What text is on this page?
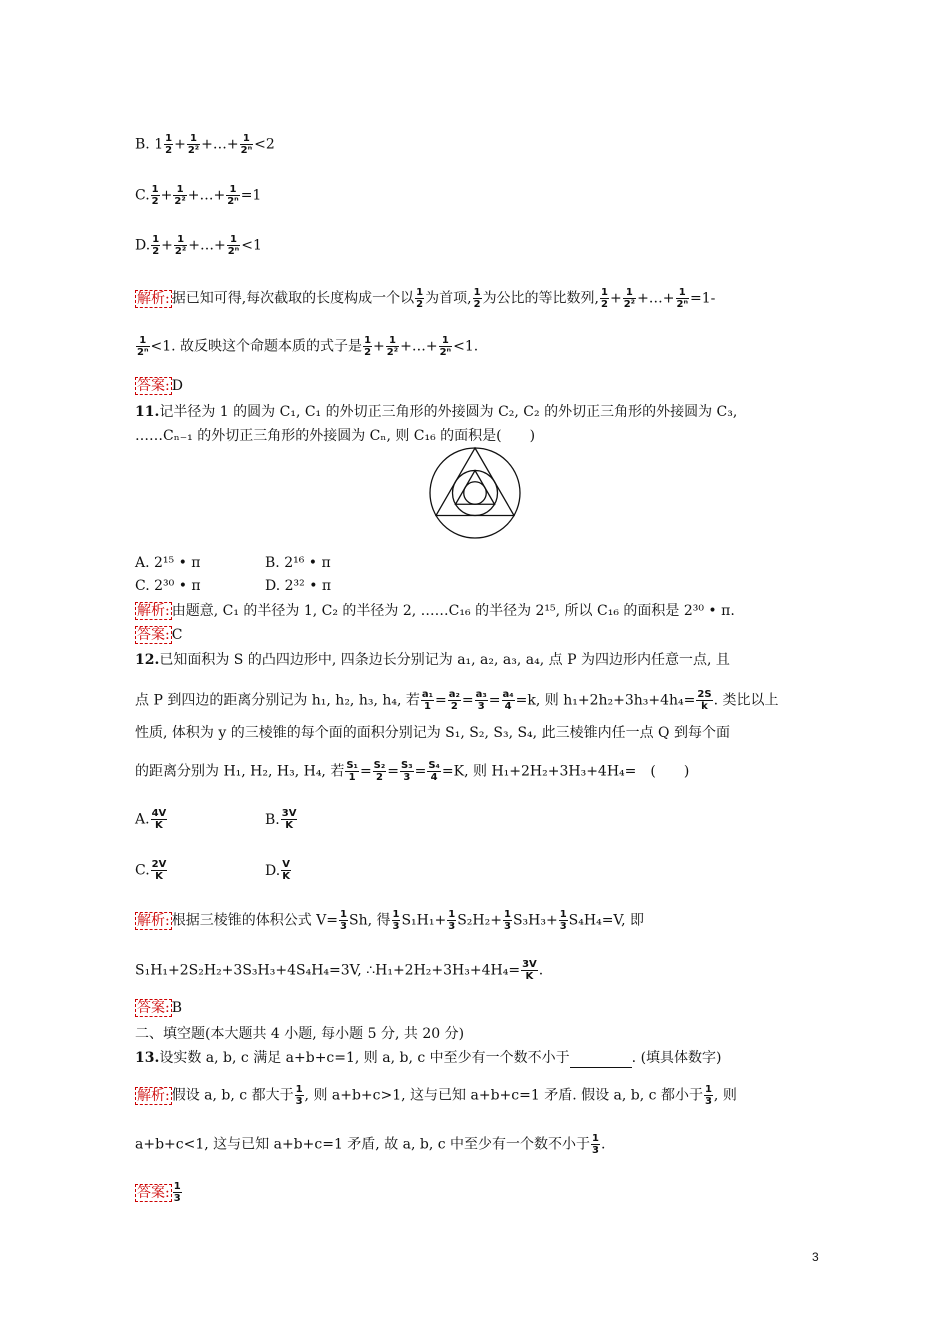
B. $1 \frac{1}{2} + \frac{1}{\text{2²}}$ +…+ $\frac{1}{\text{2ⁿ}} <2$
C. $\frac{1}{2} + \frac{1}{\text{2²}}$ +…+ $\frac{1}{\text{2ⁿ}} =1$
D. $\frac{1}{2} + \frac{1}{\text{2²}}$ +…+ $\frac{1}{\text{2ⁿ}} <1$
解析: 据已知可得,每次截取的长度构成一个以 $\frac{1}{2}$ 为首项, $\frac{1}{2}$ 为公比的等比数列, $\frac{1}{2} + \frac{1}{\text{2²}}$ +…+ $\frac{1}{\text{2ⁿ}} =1-$
$\frac{1}{\text{2ⁿ}} <1$. 故反映这个命题本质的式子是 $\frac{1}{2} + \frac{1}{\text{2²}}$ +…+ $\frac{1}{\text{2ⁿ}} <1$.
答案: D
11.记半径为 1 的圆为 C₁, C₁ 的外切正三角形的外接圆为 C₂, C₂ 的外切正三角形的外接圆为 C₃,
……Cₙ₋₁ 的外切正三角形的外接圆为 Cₙ, 则 C₁₆ 的面积是(　　)
A. 2¹⁵ • π	B. 2¹⁶ • π
C. 2³⁰ • π	D. 2³² • π
解析: 由题意, C₁ 的半径为 1, C₂ 的半径为 2, ……C₁₆ 的半径为 2¹⁵, 所以 C₁₆ 的面积是 2³⁰ • π.
答案: C
12.已知面积为 S 的凸四边形中, 四条边长分别记为 a₁, a₂, a₃, a₄, 点 P 为四边形内任意一点, 且
点 P 到四边的距离分别记为 h₁, h₂, h₃, h₄, 若 $\frac{\text{a₁}}{1} = \frac{\text{a₂}}{2} = \frac{\text{a₃}}{3} = \frac{\text{a₄}}{4} =k$, 则 $h_1+2h_2+3h_3+4h_4= \frac{2S}{k}$ . 类比以上
性质, 体积为 y 的三棱锥的每个面的面积分别记为 S₁, S₂, S₃, S₄, 此三棱锥内任一点 Q 到每个面
的距离分别为 H₁, H₂, H₃, H₄, 若 $\frac{\text{S₁}}{1} = \frac{\text{S₂}}{2} = \frac{\text{S₃}}{3} = \frac{\text{S₄}}{4} =K$, 则 H₁+2H₂+3H₃+4H₄=　(　　)
A. $\frac{4V}{K}$	B. $\frac{3V}{K}$
C. $\frac{2V}{K}$	D. $\frac{V}{K}$
解析: 根据三棱锥的体积公式 $V= \frac{1}{3} Sh$, 得 $\frac{1}{3} S_1H_1+ \frac{1}{3} S_2H_2+ \frac{1}{3} S_3H_3+ \frac{1}{3} S_4H_4=V$, 即
S₁H₁+2S₂H₂+3S₃H₃+4S₄H₄=3V, ∴H₁+2H₂+3H₃+4H₄= $\frac{3V}{K}$ .
答案: B
二、填空题(本大题共 4 小题, 每小题 5 分, 共 20 分)
13.设实数 a, b, c 满足 a+b+c=1, 则 a, b, c 中至少有一个数不小于	. (填具体数字)
解析: 假设 a, b, c 都大于 $\frac{1}{3}$ , 则 a+b+c>1, 这与已知 a+b+c=1 矛盾. 假设 a, b, c 都小于 $\frac{1}{3}$ , 则
a+b+c<1, 这与已知 a+b+c=1 矛盾, 故 a, b, c 中至少有一个数不小于 $\frac{1}{3}$ .
答案: $\frac{1}{3}$
3
